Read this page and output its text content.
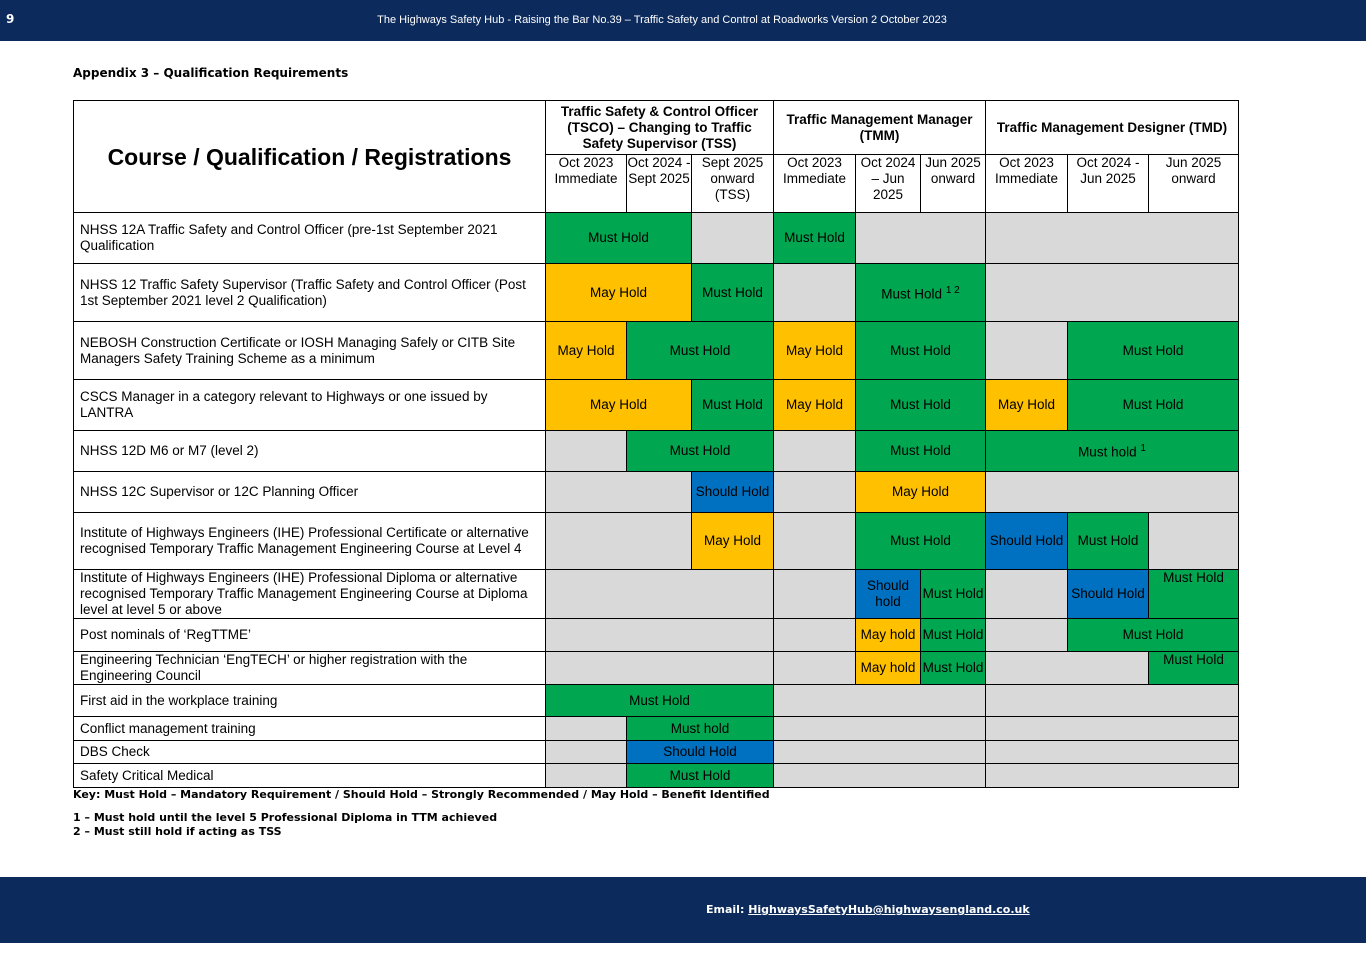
9	The Highways Safety Hub - Raising the Bar No.39 – Traffic Safety and Control at Roadworks Version 2 October 2023
Appendix 3 – Qualification Requirements
Course / Qualification / Registrations	Traffic Safety & Control Officer (TSCO) – Changing to Traffic Safety Supervisor (TSS)			Traffic Management Manager (TMM)			Traffic Management Designer (TMD)		
	Oct 2023 Immediate	Oct 2024 - Sept 2025	Sept 2025 onward (TSS)	Oct 2023 Immediate	Oct 2024 – Jun 2025	Jun 2025 onward	Oct 2023 Immediate	Oct 2024 - Jun 2025	Jun 2025 onward
NHSS 12A Traffic Safety and Control Officer (pre-1st September 2021 Qualification	Must Hold			Must Hold					
NHSS 12 Traffic Safety Supervisor (Traffic Safety and Control Officer (Post 1st September 2021 level 2 Qualification)	May Hold		Must Hold		Must Hold $^{1 2}$	
NEBOSH Construction Certificate or IOSH Managing Safely or CITB Site Managers Safety Training Scheme as a minimum	May Hold	Must Hold		May Hold	Must Hold			Must Hold	
CSCS Manager in a category relevant to Highways or one issued by LANTRA	May Hold		Must Hold	May Hold	Must Hold		May Hold	Must Hold	
NHSS 12D M6 or M7 (level 2)		Must Hold			Must Hold		Must hold $^1$
NHSS 12C Supervisor or 12C Planning Officer			Should Hold		May Hold				
Institute of Highways Engineers (IHE) Professional Certificate or alternative recognised Temporary Traffic Management Engineering Course at Level 4			May Hold		Must Hold		Should Hold	Must Hold	
Institute of Highways Engineers (IHE) Professional Diploma or alternative recognised Temporary Traffic Management Engineering Course at Diploma level at level 5 or above					Should hold	Must Hold		Should Hold	Must Hold
Post nominals of ‘RegTTME’					May hold	Must Hold		Must Hold	
Engineering Technician ‘EngTECH’ or higher registration with the Engineering Council					May hold	Must Hold			Must Hold
First aid in the workplace training	Must Hold								
Conflict management training		Must hold							
DBS Check		Should Hold							
Safety Critical Medical		Must Hold							
Key: Must Hold – Mandatory Requirement / Should Hold – Strongly Recommended / May Hold – Benefit Identified
1 – Must hold until the level 5 Professional Diploma in TTM achieved
2 – Must still hold if acting as TSS
Email: HighwaysSafetyHub@highwaysengland.co.uk
